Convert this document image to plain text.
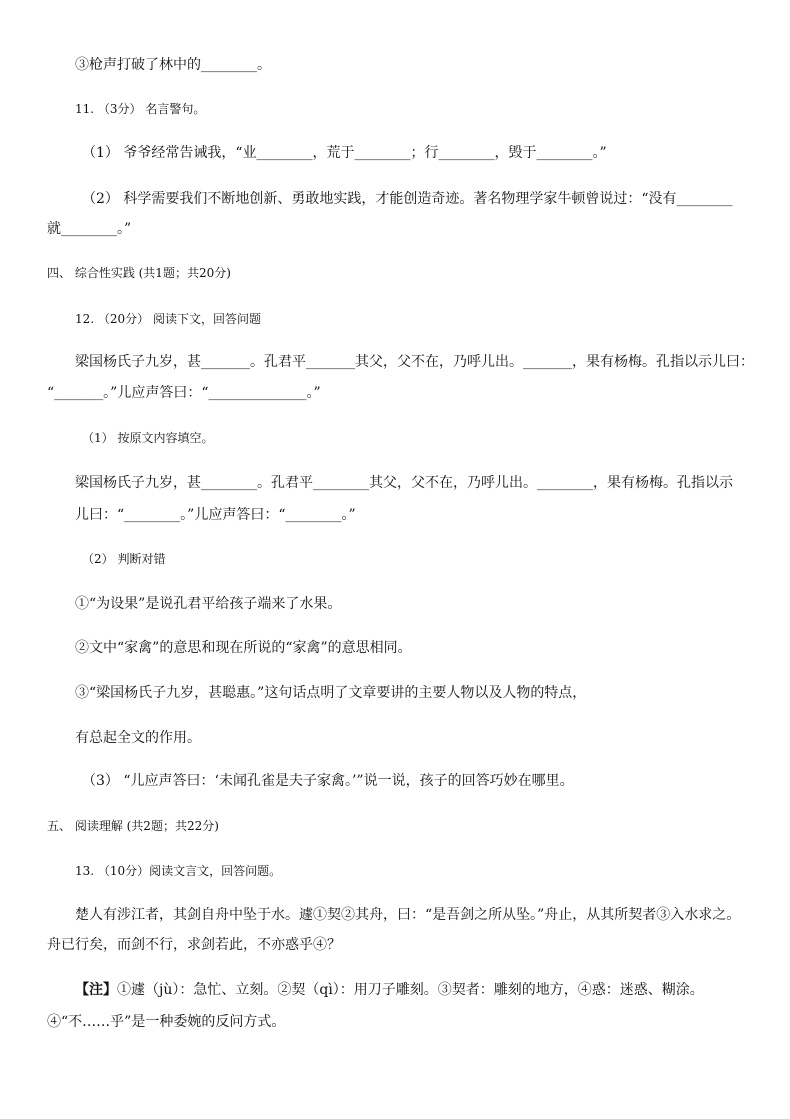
③枪声打破了林中的________。
11. （3分） 名言警句。
（1） 爷爷经常告诫我，“业________，荒于________；行________，毁于________。”
（2） 科学需要我们不断地创新、勇敢地实践，才能创造奇迹。著名物理学家牛顿曾说过：“没有________
就________。”
四、 综合性实践 (共1题；共20分)
12. （20分） 阅读下文，回答问题
梁国杨氏子九岁，甚_______。孔君平_______其父，父不在，乃呼儿出。_______，果有杨梅。孔指以示儿曰：
“_______。”儿应声答曰：“______________。”
（1） 按原文内容填空。
梁国杨氏子九岁，甚________。孔君平________其父，父不在，乃呼儿出。________，果有杨梅。孔指以示
儿曰：“________。”儿应声答曰：“________。”
（2） 判断对错
①“为设果”是说孔君平给孩子端来了水果。
②文中“家禽”的意思和现在所说的“家禽”的意思相同。
③“梁国杨氏子九岁，甚聪惠。”这句话点明了文章要讲的主要人物以及人物的特点，
有总起全文的作用。
（3） “儿应声答曰：‘未闻孔雀是夫子家禽。’”说一说，孩子的回答巧妙在哪里。
五、 阅读理解 (共2题；共22分)
13. （10分）阅读文言文，回答问题。
楚人有涉江者，其剑自舟中坠于水。遽①契②其舟，曰：“是吾剑之所从坠。”舟止，从其所契者③入水求之。
舟已行矣，而剑不行，求剑若此，不亦惑乎④？
【注】①遽（jù）：急忙、立刻。②契（qì）：用刀子雕刻。③契者：雕刻的地方，④惑：迷惑、糊涂。
④“不……乎”是一种委婉的反问方式。
